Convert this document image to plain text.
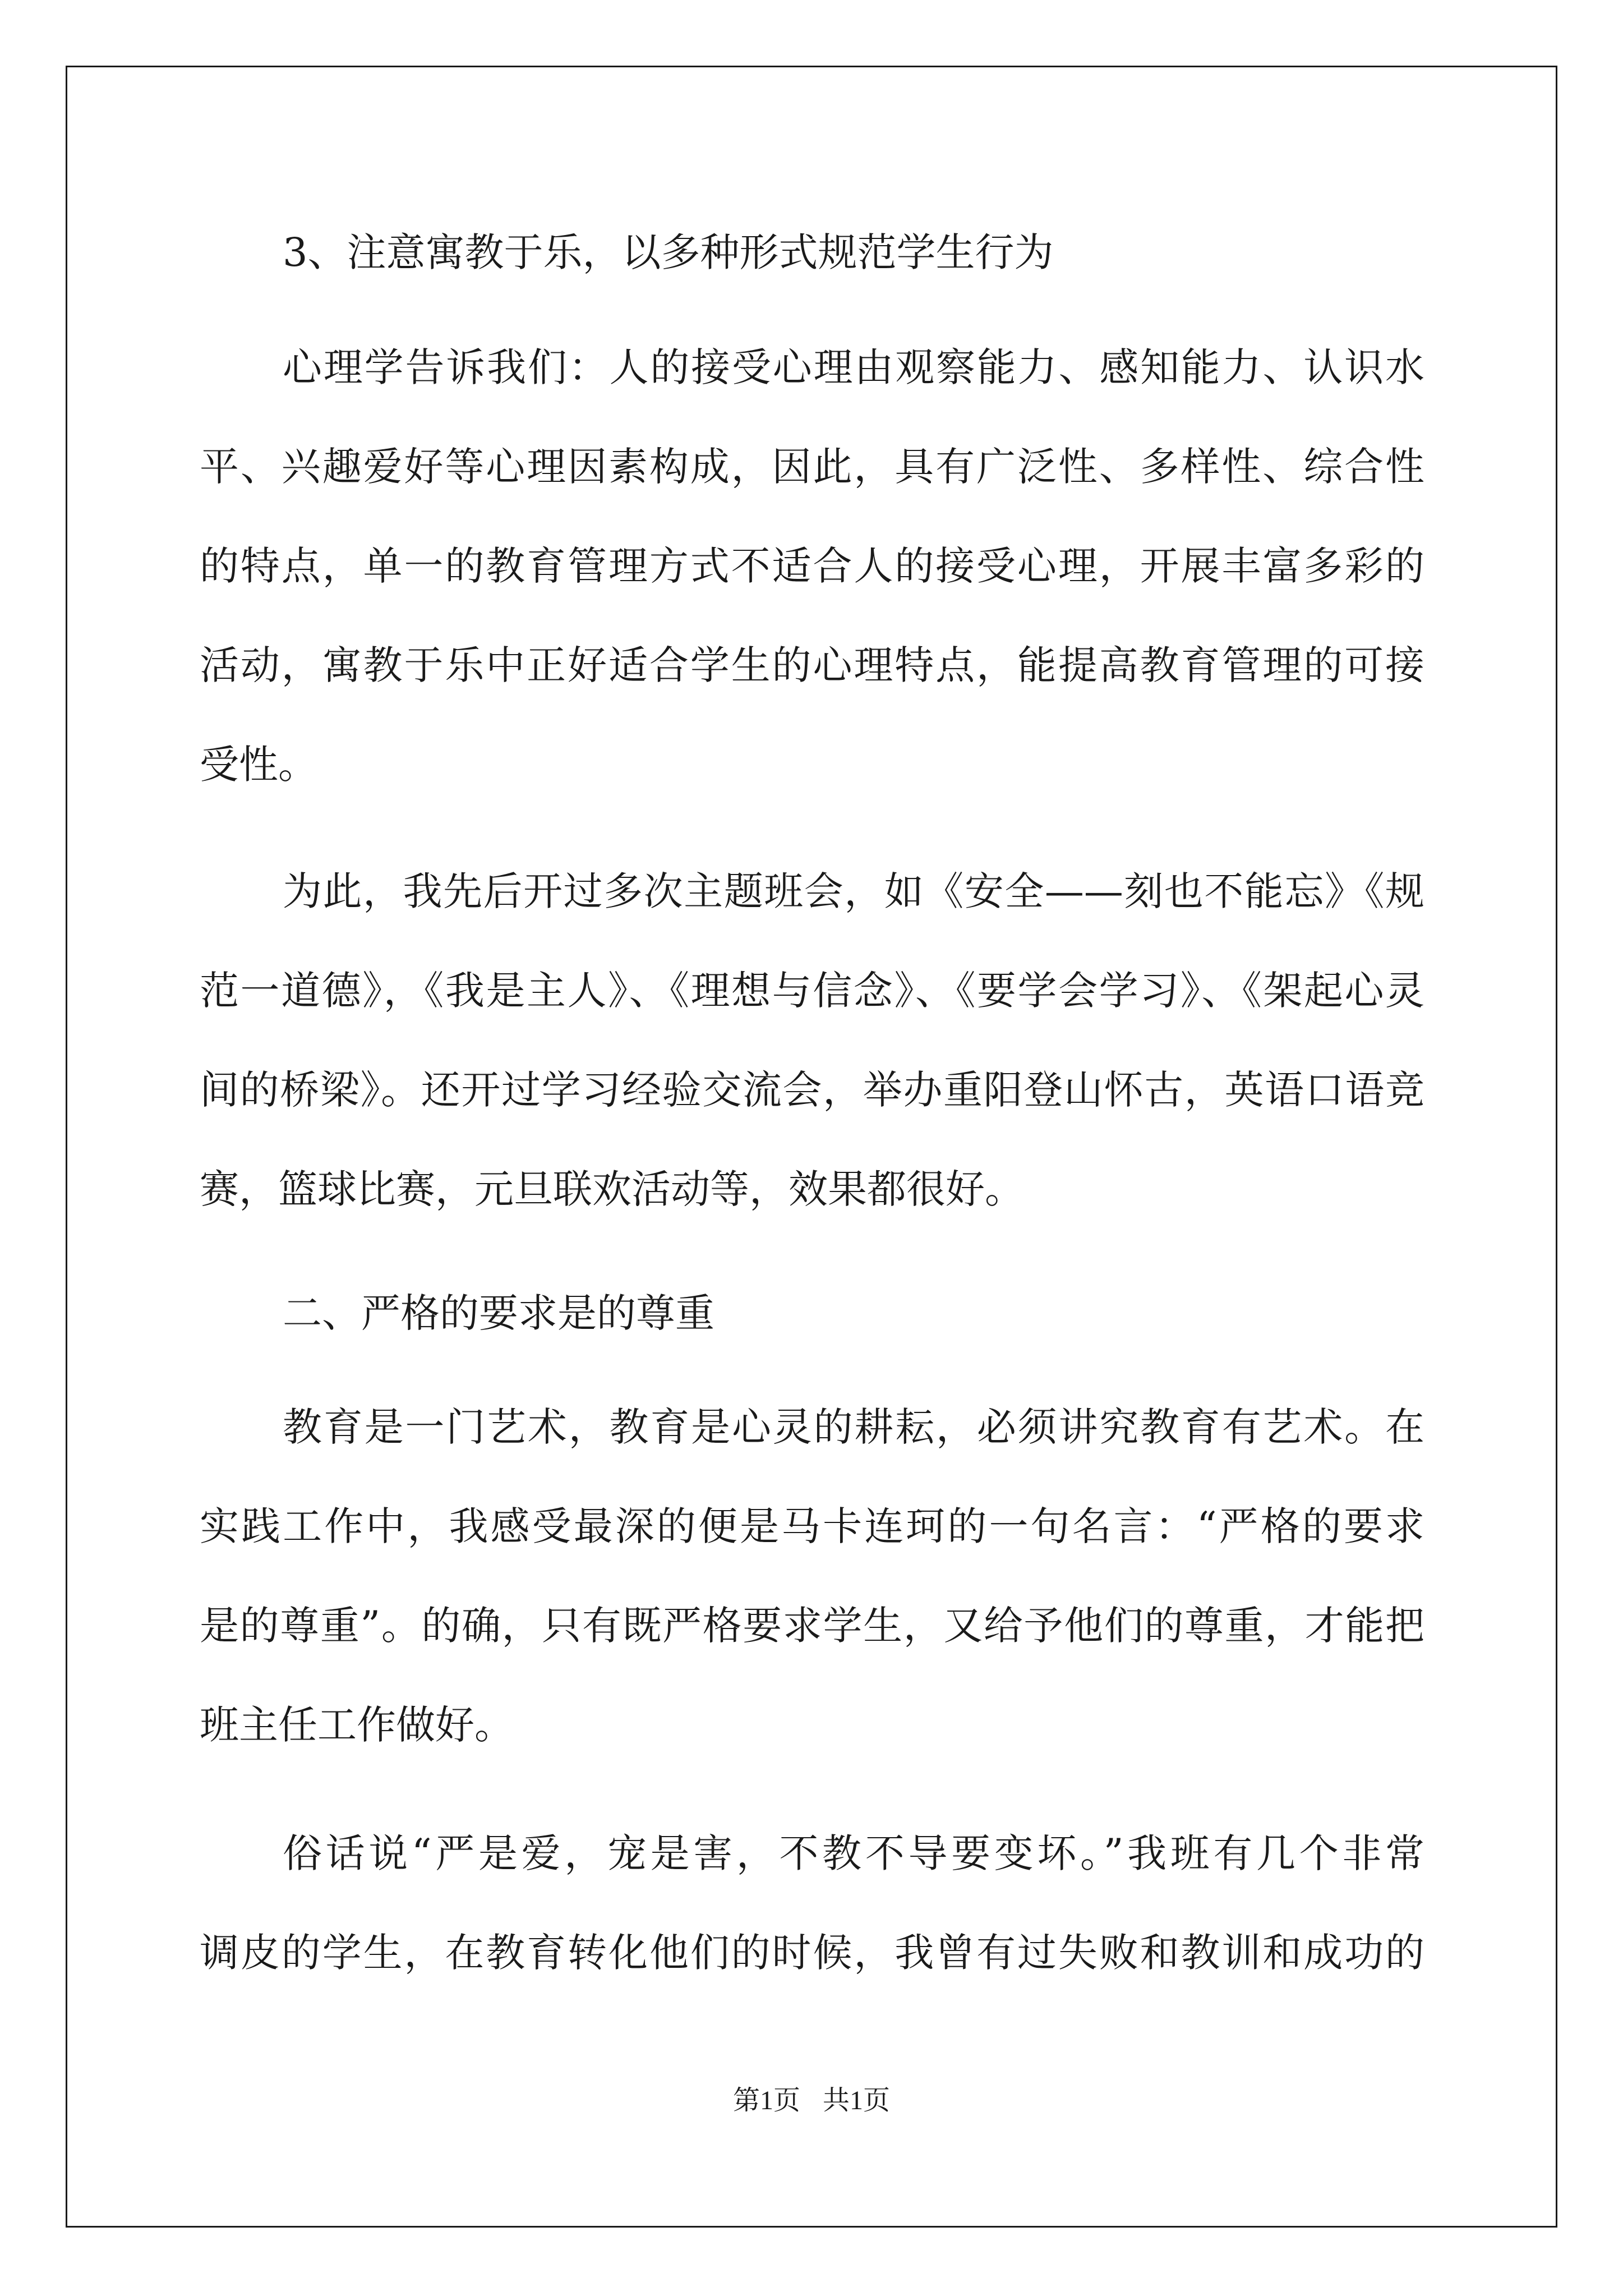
3、注意寓教于乐，以多种形式规范学生行为

心理学告诉我们：人的接受心理由观察能力、感知能力、认识水

平、兴趣爱好等心理因素构成，因此，具有广泛性、多样性、综合性

的特点，单一的教育管理方式不适合人的接受心理，开展丰富多彩的

活动，寓教于乐中正好适合学生的心理特点，能提高教育管理的可接

受性。

为此，我先后开过多次主题班会，如《安全——刻也不能忘》《规

范一道德》，《我是主人》、《理想与信念》、《要学会学习》、《架起心灵

间的桥梁》。还开过学习经验交流会，举办重阳登山怀古，英语口语竞

赛，篮球比赛，元旦联欢活动等，效果都很好。

二、严格的要求是的尊重

教育是一门艺术，教育是心灵的耕耘，必须讲究教育有艺术。在

实践工作中，我感受最深的便是马卡连珂的一句名言：“严格的要求

是的尊重”。的确，只有既严格要求学生，又给予他们的尊重，才能把

班主任工作做好。

俗话说“严是爱，宠是害，不教不导要变坏。”我班有几个非常

调皮的学生，在教育转化他们的时候，我曾有过失败和教训和成功的

第1页 共1页
